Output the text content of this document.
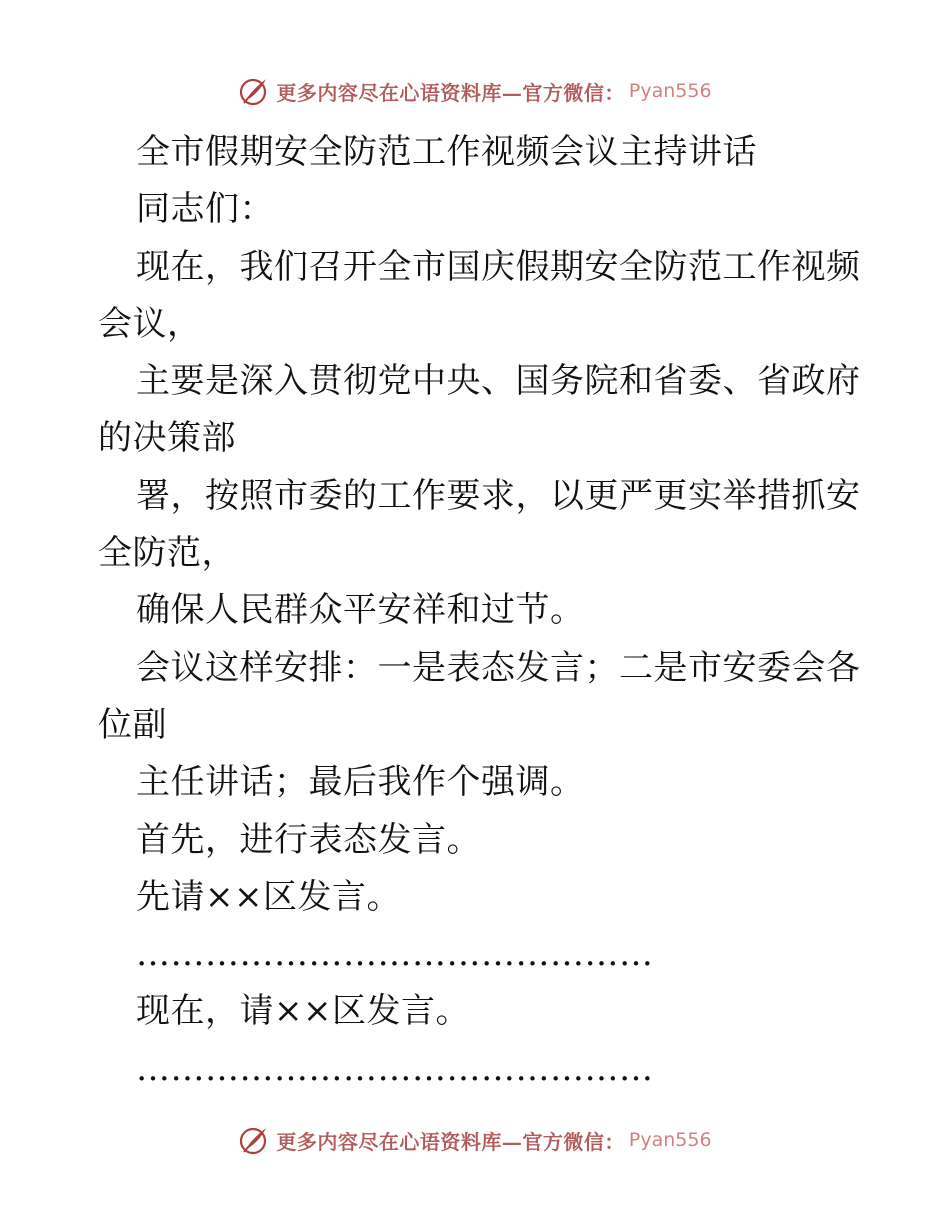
更多内容尽在心语资料库—官方微信： Pyan556
全市假期安全防范工作视频会议主持讲话
同志们：
现在，我们召开全市国庆假期安全防范工作视频
会议，
主要是深入贯彻党中央、国务院和省委、省政府
的决策部
署，按照市委的工作要求，以更严更实举措抓安
全防范，
确保人民群众平安祥和过节。
会议这样安排：一是表态发言；二是市安委会各
位副
主任讲话；最后我作个强调。
首先，进行表态发言。
先请××区发言。
………………………………………
现在，请××区发言。
………………………………………
更多内容尽在心语资料库—官方微信： Pyan556
